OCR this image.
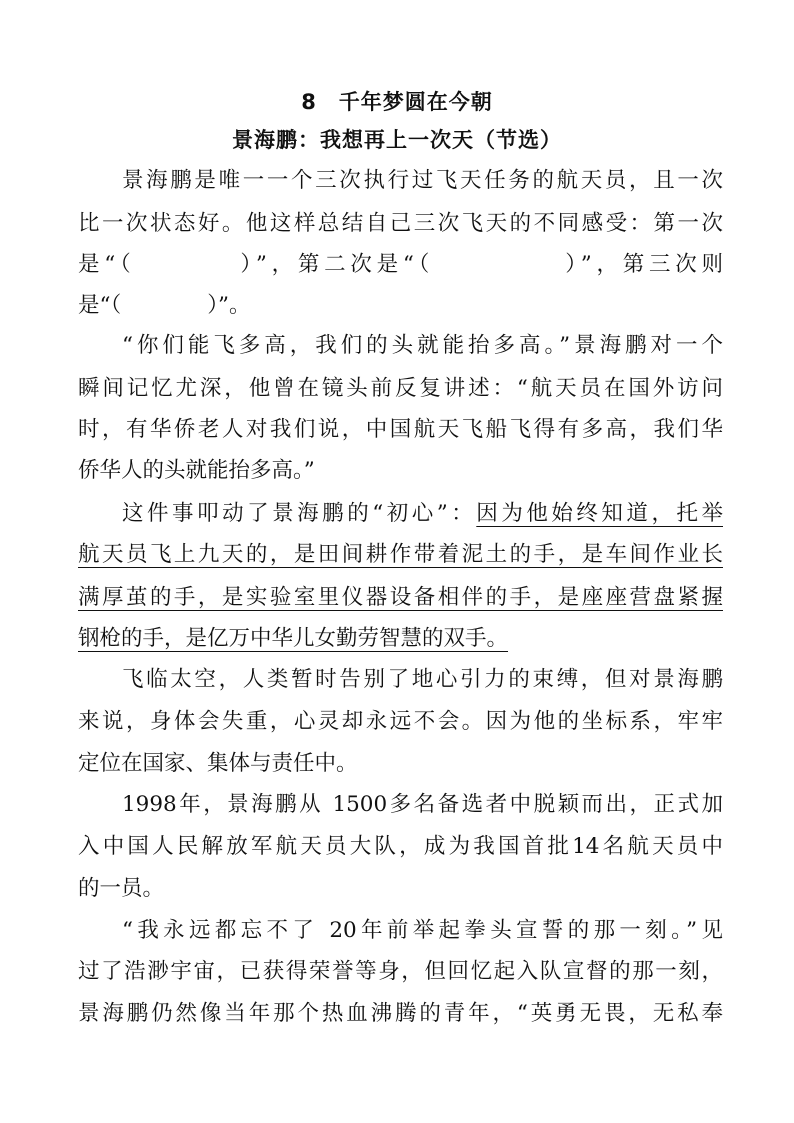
8　千年梦圆在今朝
景海鹏：我想再上一次天（节选）
景海鹏是唯一一个三次执行过飞天任务的航天员，且一次
比一次状态好。他这样总结自己三次飞天的不同感受：第一次
是“（　　　　）”，第二次是“（　　　　　）”，第三次则
是“（　　　　）”。
“你们能飞多高，我们的头就能抬多高。”景海鹏对一个
瞬间记忆尤深，他曾在镜头前反复讲述：“航天员在国外访问
时，有华侨老人对我们说，中国航天飞船飞得有多高，我们华
侨华人的头就能抬多高。”
这件事叩动了景海鹏的“初心”：因为他始终知道，托举
航天员飞上九天的，是田间耕作带着泥土的手，是车间作业长
满厚茧的手，是实验室里仪器设备相伴的手，是座座营盘紧握
钢枪的手，是亿万中华儿女勤劳智慧的双手。
飞临太空，人类暂时告别了地心引力的束缚，但对景海鹏
来说，身体会失重，心灵却永远不会。因为他的坐标系，牢牢
定位在国家、集体与责任中。
1998年，景海鹏从 1500多名备选者中脱颖而出，正式加
入中国人民解放军航天员大队，成为我国首批14名航天员中
的一员。
“我永远都忘不了 20年前举起拳头宣誓的那一刻。”见
过了浩渺宇宙，已获得荣誉等身，但回忆起入队宣督的那一刻，
景海鹏仍然像当年那个热血沸腾的青年，“英勇无畏，无私奉
